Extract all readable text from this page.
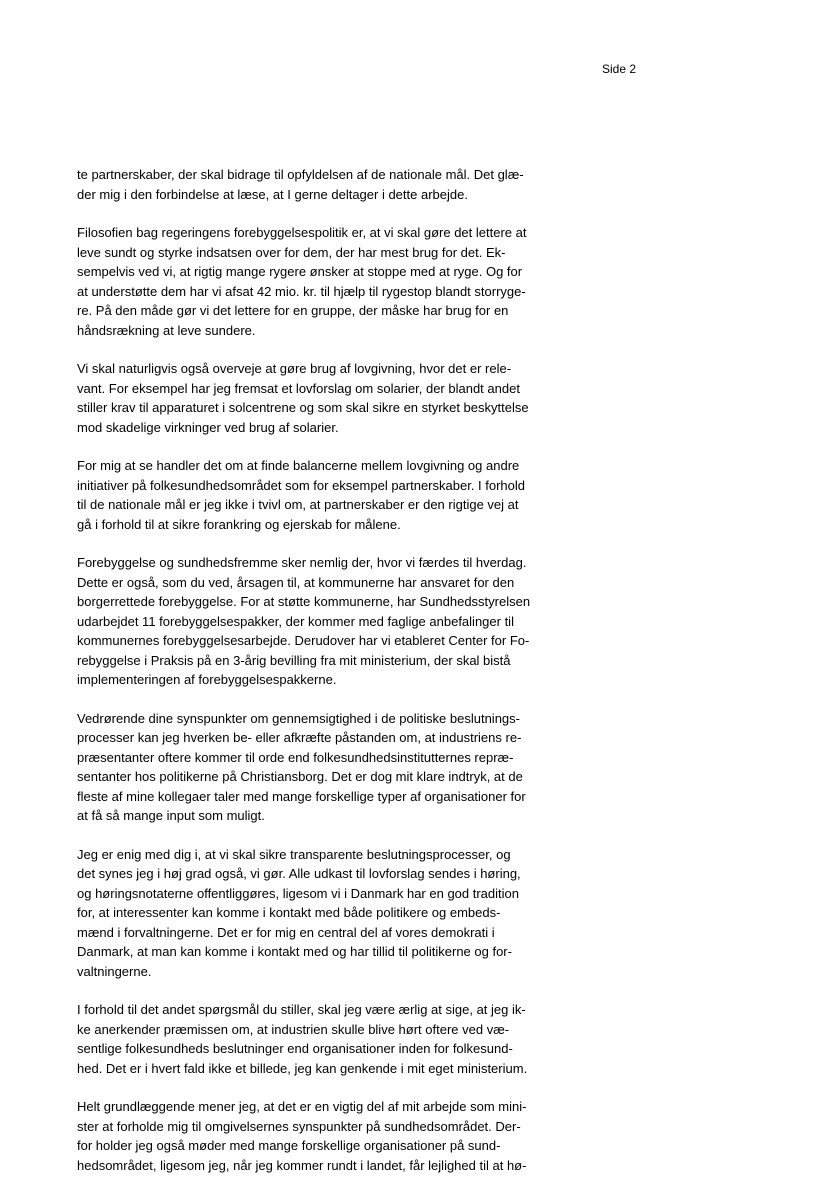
Side 2

te partnerskaber, der skal bidrage til opfyldelsen af de nationale mål. Det glæ-
der mig i den forbindelse at læse, at I gerne deltager i dette arbejde.

Filosofien bag regeringens forebyggelsespolitik er, at vi skal gøre det lettere at
leve sundt og styrke indsatsen over for dem, der har mest brug for det. Ek-
sempelvis ved vi, at rigtig mange rygere ønsker at stoppe med at ryge. Og for
at understøtte dem har vi afsat 42 mio. kr. til hjælp til rygestop blandt storryge-
re. På den måde gør vi det lettere for en gruppe, der måske har brug for en
håndsrækning at leve sundere.

Vi skal naturligvis også overveje at gøre brug af lovgivning, hvor det er rele-
vant. For eksempel har jeg fremsat et lovforslag om solarier, der blandt andet
stiller krav til apparaturet i solcentrene og som skal sikre en styrket beskyttelse
mod skadelige virkninger ved brug af solarier.

For mig at se handler det om at finde balancerne mellem lovgivning og andre
initiativer på folkesundhedsområdet som for eksempel partnerskaber. I forhold
til de nationale mål er jeg ikke i tvivl om, at partnerskaber er den rigtige vej at
gå i forhold til at sikre forankring og ejerskab for målene.

Forebyggelse og sundhedsfremme sker nemlig der, hvor vi færdes til hverdag.
Dette er også, som du ved, årsagen til, at kommunerne har ansvaret for den
borgerrettede forebyggelse. For at støtte kommunerne, har Sundhedsstyrelsen
udarbejdet 11 forebyggelsespakker, der kommer med faglige anbefalinger til
kommunernes forebyggelsesarbejde. Derudover har vi etableret Center for Fo-
rebyggelse i Praksis på en 3-årig bevilling fra mit ministerium, der skal bistå
implementeringen af forebyggelsespakkerne.

Vedrørende dine synspunkter om gennemsigtighed i de politiske beslutnings-
processer kan jeg hverken be- eller afkræfte påstanden om, at industriens re-
præsentanter oftere kommer til orde end folkesundhedsinstitutternes repræ-
sentanter hos politikerne på Christiansborg. Det er dog mit klare indtryk, at de
fleste af mine kollegaer taler med mange forskellige typer af organisationer for
at få så mange input som muligt.

Jeg er enig med dig i, at vi skal sikre transparente beslutningsprocesser, og
det synes jeg i høj grad også, vi gør. Alle udkast til lovforslag sendes i høring,
og høringsnotaterne offentliggøres, ligesom vi i Danmark har en god tradition
for, at interessenter kan komme i kontakt med både politikere og embeds-
mænd i forvaltningerne. Det er for mig en central del af vores demokrati i
Danmark, at man kan komme i kontakt med og har tillid til politikerne og for-
valtningerne.

I forhold til det andet spørgsmål du stiller, skal jeg være ærlig at sige, at jeg ik-
ke anerkender præmissen om, at industrien skulle blive hørt oftere ved væ-
sentlige folkesundheds beslutninger end organisationer inden for folkesund-
hed. Det er i hvert fald ikke et billede, jeg kan genkende i mit eget ministerium.

Helt grundlæggende mener jeg, at det er en vigtig del af mit arbejde som mini-
ster at forholde mig til omgivelsernes synspunkter på sundhedsområdet. Der-
for holder jeg også møder med mange forskellige organisationer på sund-
hedsområdet, ligesom jeg, når jeg kommer rundt i landet, får lejlighed til at hø-
